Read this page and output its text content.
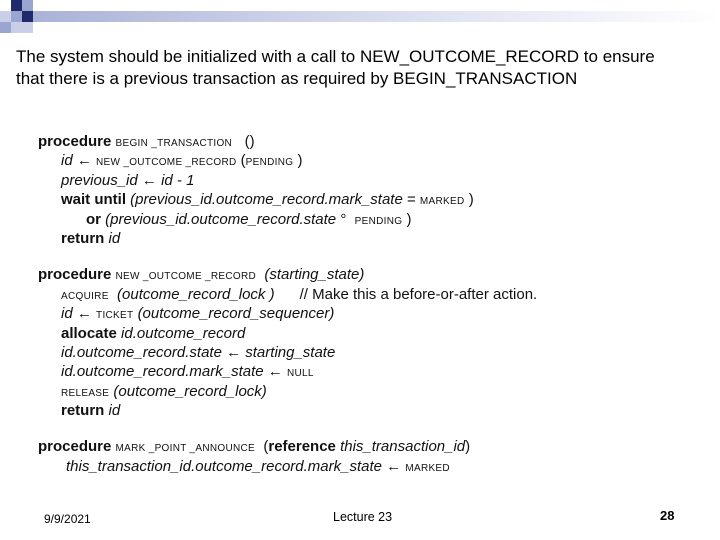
The system should be initialized with a call to NEW_OUTCOME_RECORD to ensure
that there is a previous transaction as required by BEGIN_TRANSACTION
procedure BEGIN _TRANSACTION ()
id ← NEW _OUTCOME _RECORD (PENDING )
previous_id ← id - 1
wait until (previous_id.outcome_record.mark_state = MARKED )
or (previous_id.outcome_record.state ° PENDING )
return id
procedure NEW _OUTCOME _RECORD (starting_state)
ACQUIRE (outcome_record_lock ) // Make this a before-or-after action.
id ← TICKET (outcome_record_sequencer)
allocate id.outcome_record
id.outcome_record.state ← starting_state
id.outcome_record.mark_state ← NULL
RELEASE (outcome_record_lock)
return id
procedure MARK _POINT _ANNOUNCE (reference this_transaction_id)
this_transaction_id.outcome_record.mark_state ← MARKED
9/9/2021	Lecture 23	28
